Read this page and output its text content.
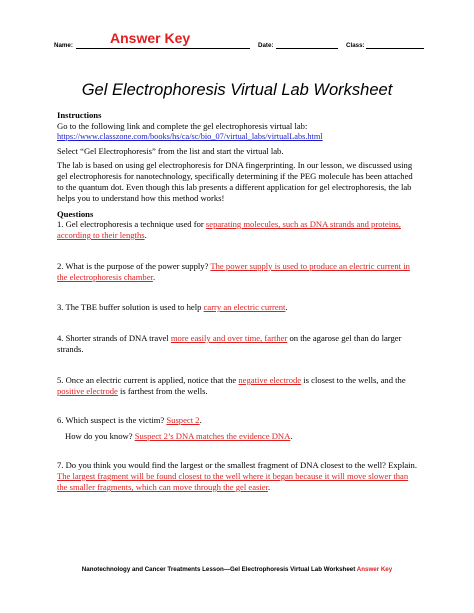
Answer Key
Name:	Date:	Class:
Gel Electrophoresis Virtual Lab Worksheet
Instructions
Go to the following link and complete the gel electrophoresis virtual lab:
https://www.classzone.com/books/hs/ca/sc/bio_07/virtual_labs/virtualLabs.html
Select “Gel Electrophoresis” from the list and start the virtual lab.
The lab is based on using gel electrophoresis for DNA fingerprinting. In our lesson, we discussed using gel electrophoresis for nanotechnology, specifically determining if the PEG molecule has been attached to the quantum dot. Even though this lab presents a different application for gel electrophoresis, the lab helps you to understand how this method works!
Questions
1. Gel electrophoresis a technique used for separating molecules, such as DNA strands and proteins, according to their lengths.
2. What is the purpose of the power supply? The power supply is used to produce an electric current in the electrophoresis chamber.
3. The TBE buffer solution is used to help carry an electric current.
4. Shorter strands of DNA travel more easily and over time, farther on the agarose gel than do larger strands.
5. Once an electric current is applied, notice that the negative electrode is closest to the wells, and the positive electrode is farthest from the wells.
6. Which suspect is the victim? Suspect 2.
How do you know? Suspect 2’s DNA matches the evidence DNA.
7. Do you think you would find the largest or the smallest fragment of DNA closest to the well? Explain. The largest fragment will be found closest to the well where it began because it will move slower than the smaller fragments, which can move through the gel easier.
Nanotechnology and Cancer Treatments Lesson—Gel Electrophoresis Virtual Lab Worksheet Answer Key
